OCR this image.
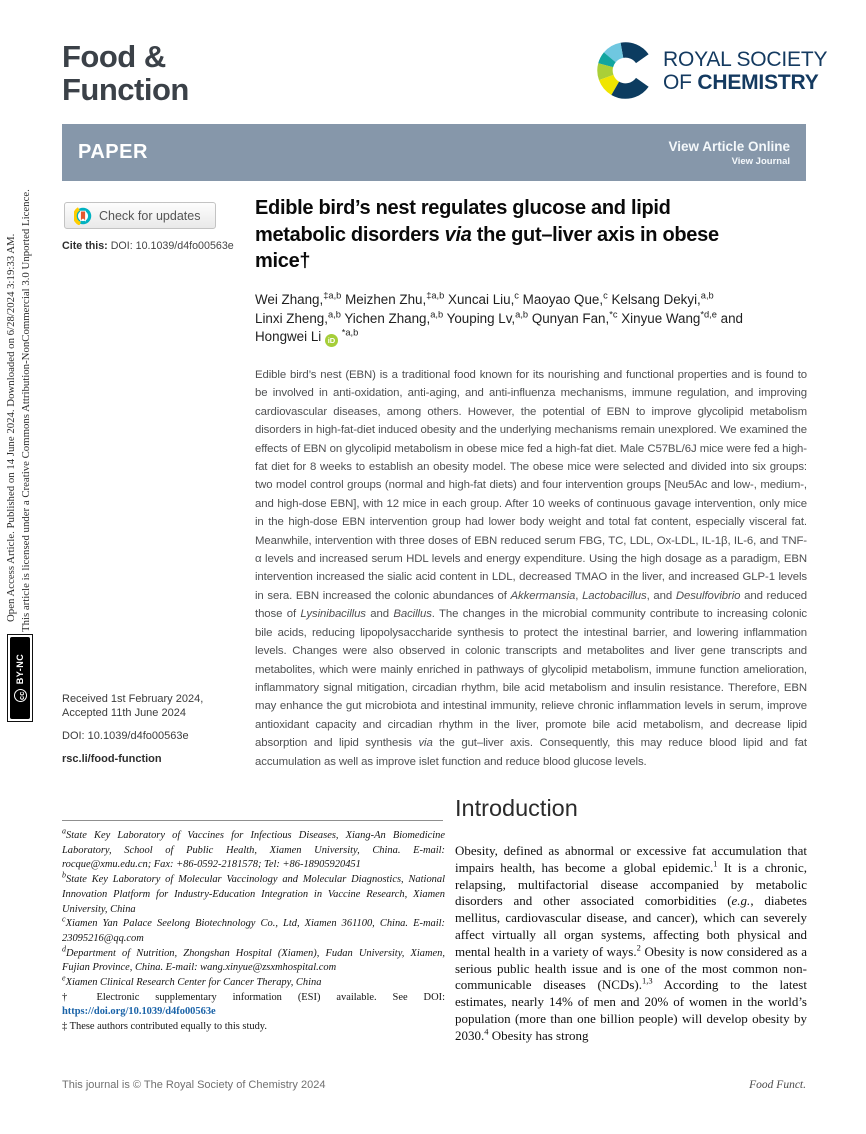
Open Access Article. Published on 14 June 2024. Downloaded on 6/28/2024 3:19:33 AM. This article is licensed under a Creative Commons Attribution-NonCommercial 3.0 Unported Licence.
cc
BY-NC
Food &
Function
ROYAL SOCIETY
OF CHEMISTRY
PAPER	View Article Online
View Journal
Check for updates
Cite this: DOI: 10.1039/d4fo00563e
Edible bird’s nest regulates glucose and lipid
metabolic disorders via the gut–liver axis in obese
mice†
Wei Zhang,$^{\ddagger a,b}$ Meizhen Zhu,$^{\ddagger a,b}$ Xuncai Liu,$^c$ Maoyao Que,$^c$ Kelsang Dekyi,$^{a,b}$
Linxi Zheng,$^{a,b}$ Yichen Zhang,$^{a,b}$ Youping Lv,$^{a,b}$ Qunyan Fan,$^{*c}$ Xinyue Wang$^{*d,e}$ and
Hongwei Li iD $^{*a,b}$
Edible bird’s nest (EBN) is a traditional food known for its nourishing and functional properties and is found to be involved in anti-oxidation, anti-aging, and anti-influenza mechanisms, immune regulation, and improving cardiovascular diseases, among others. However, the potential of EBN to improve glycolipid metabolism disorders in high-fat-diet induced obesity and the underlying mechanisms remain unexplored. We examined the effects of EBN on glycolipid metabolism in obese mice fed a high-fat diet. Male C57BL/6J mice were fed a high-fat diet for 8 weeks to establish an obesity model. The obese mice were selected and divided into six groups: two model control groups (normal and high-fat diets) and four intervention groups [Neu5Ac and low-, medium-, and high-dose EBN], with 12 mice in each group. After 10 weeks of continuous gavage intervention, only mice in the high-dose EBN intervention group had lower body weight and total fat content, especially visceral fat. Meanwhile, intervention with three doses of EBN reduced serum FBG, TC, LDL, Ox-LDL, IL-1β, IL-6, and TNF-α levels and increased serum HDL levels and energy expenditure. Using the high dosage as a paradigm, EBN intervention increased the sialic acid content in LDL, decreased TMAO in the liver, and increased GLP-1 levels in sera. EBN increased the colonic abundances of Akkermansia, Lactobacillus, and Desulfovibrio and reduced those of Lysinibacillus and Bacillus. The changes in the microbial community contribute to increasing colonic bile acids, reducing lipopolysaccharide synthesis to protect the intestinal barrier, and lowering inflammation levels. Changes were also observed in colonic transcripts and metabolites and liver gene transcripts and metabolites, which were mainly enriched in pathways of glycolipid metabolism, immune function amelioration, inflammatory signal mitigation, circadian rhythm, bile acid metabolism and insulin resistance. Therefore, EBN may enhance the gut microbiota and intestinal immunity, relieve chronic inflammation levels in serum, improve antioxidant capacity and circadian rhythm in the liver, promote bile acid metabolism, and decrease lipid absorption and lipid synthesis via the gut–liver axis. Consequently, this may reduce blood lipid and fat accumulation as well as improve islet function and reduce blood glucose levels.
Received 1st February 2024,
Accepted 11th June 2024
DOI: 10.1039/d4fo00563e
rsc.li/food-function
$^a$State Key Laboratory of Vaccines for Infectious Diseases, Xiang-An Biomedicine Laboratory, School of Public Health, Xiamen University, China. E-mail: rocque@xmu.edu.cn; Fax: +86-0592-2181578; Tel: +86-18905920451
$^b$State Key Laboratory of Molecular Vaccinology and Molecular Diagnostics, National Innovation Platform for Industry-Education Integration in Vaccine Research, Xiamen University, China
$^c$Xiamen Yan Palace Seelong Biotechnology Co., Ltd, Xiamen 361100, China. E-mail: 23095216@qq.com
$^d$Department of Nutrition, Zhongshan Hospital (Xiamen), Fudan University, Xiamen, Fujian Province, China. E-mail: wang.xinyue@zsxmhospital.com
$^e$Xiamen Clinical Research Center for Cancer Therapy, China
† Electronic supplementary information (ESI) available. See DOI: https://doi.org/10.1039/d4fo00563e
‡ These authors contributed equally to this study.
Introduction
Obesity, defined as abnormal or excessive fat accumulation that impairs health, has become a global epidemic.$^1$ It is a chronic, relapsing, multifactorial disease accompanied by metabolic disorders and other associated comorbidities (e.g., diabetes mellitus, cardiovascular disease, and cancer), which can severely affect virtually all organ systems, affecting both physical and mental health in a variety of ways.$^2$ Obesity is now considered as a serious public health issue and is one of the most common non-communicable diseases (NCDs).$^{1,3}$ According to the latest estimates, nearly 14% of men and 20% of women in the world’s population (more than one billion people) will develop obesity by 2030.$^4$ Obesity has strong
This journal is © The Royal Society of Chemistry 2024	Food Funct.
